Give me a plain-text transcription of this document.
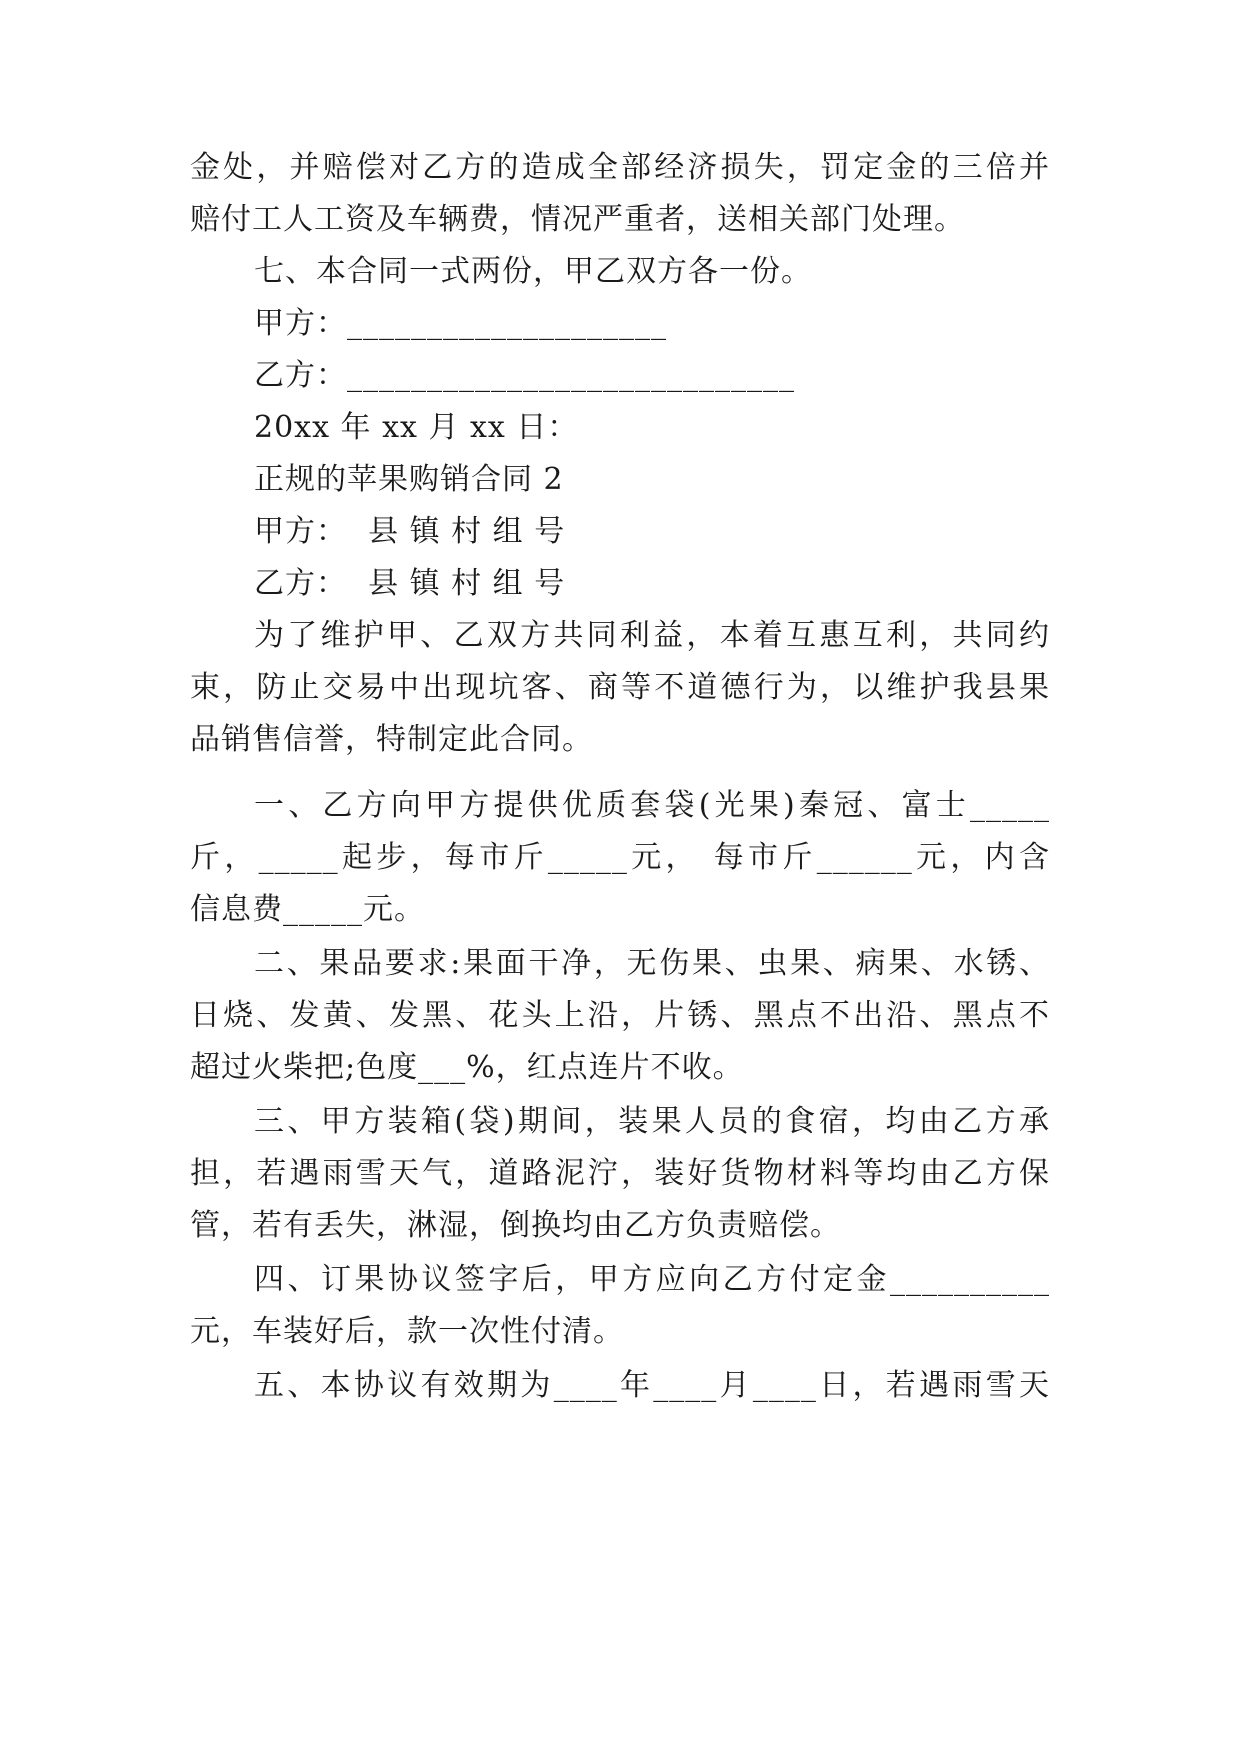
金处，并赔偿对乙方的造成全部经济损失，罚定金的三倍并
赔付工人工资及车辆费，情况严重者，送相关部门处理。
七、本合同一式两份，甲乙双方各一份。
甲方：____________________
乙方：____________________________
20xx 年 xx 月 xx 日：
正规的苹果购销合同 2
甲方：  县 镇 村 组 号
乙方：  县 镇 村 组 号
为了维护甲、乙双方共同利益，本着互惠互利，共同约
束，防止交易中出现坑客、商等不道德行为，以维护我县果
品销售信誉，特制定此合同。
一、乙方向甲方提供优质套袋(光果)秦冠、富士_____
斤，_____起步，每市斤_____元， 每市斤______元，内含
信息费_____元。
二、果品要求:果面干净，无伤果、虫果、病果、水锈、
日烧、发黄、发黑、花头上沿，片锈、黑点不出沿、黑点不
超过火柴把;色度___%，红点连片不收。
三、甲方装箱(袋)期间，装果人员的食宿，均由乙方承
担，若遇雨雪天气，道路泥泞，装好货物材料等均由乙方保
管，若有丢失，淋湿，倒换均由乙方负责赔偿。
四、订果协议签字后，甲方应向乙方付定金__________
元，车装好后，款一次性付清。
五、本协议有效期为____年____月____日，若遇雨雪天
